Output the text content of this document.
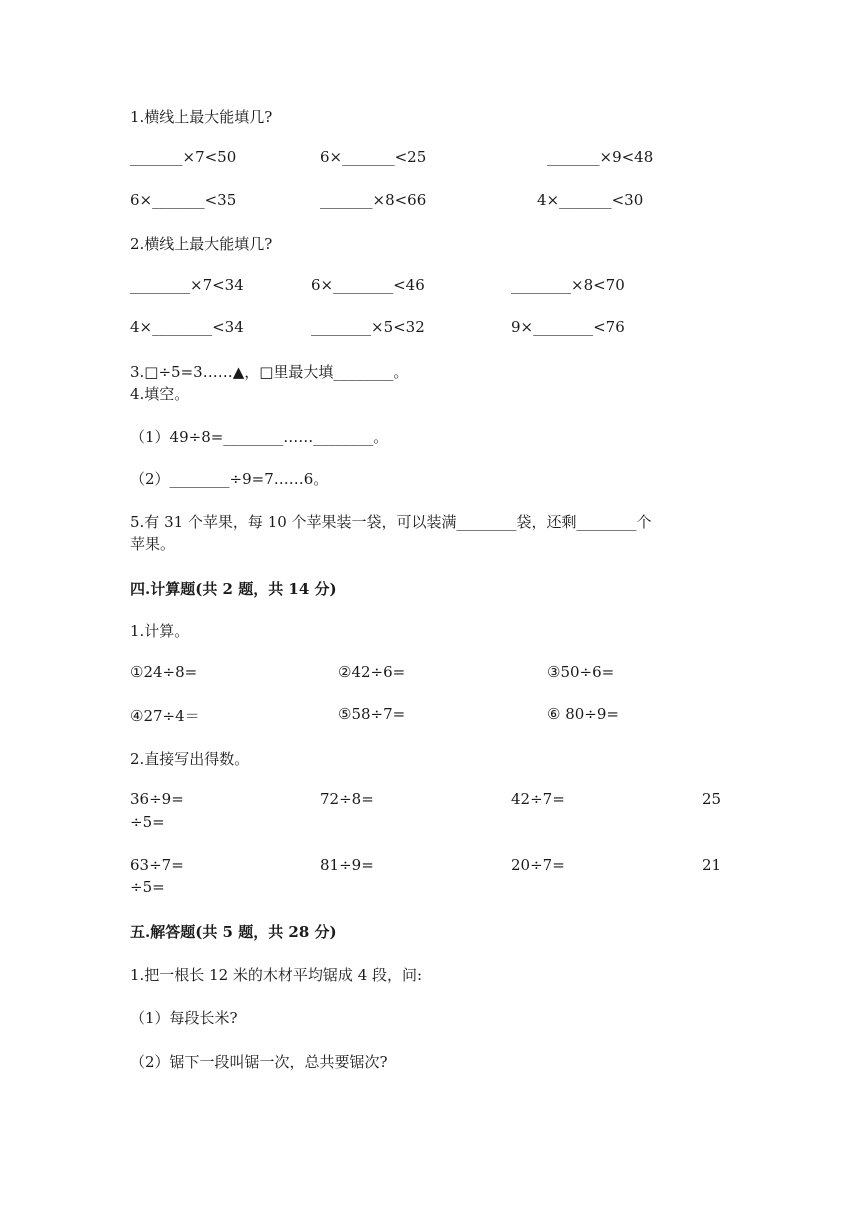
1.横线上最大能填几?
_______×7<50	6×_______<25	_______×9<48
6×_______<35	_______×8<66	4×_______<30
2.横线上最大能填几?
________×7<34	6×________<46	________×8<70
4×________<34	________×5<32	9×________<76
3.□÷5=3……▲，□里最大填________。
4.填空。
（1）49÷8=________……________。
（2）________÷9=7……6。
5.有 31 个苹果，每 10 个苹果装一袋，可以装满________袋，还剩________个
苹果。
四.计算题(共 2 题，共 14 分)
1.计算。
①24÷8=	②42÷6=	③50÷6=
④27÷4＝	⑤58÷7=	⑥ 80÷9=
2.直接写出得数。
36÷9=	72÷8=	42÷7=	25
÷5=
63÷7=	81÷9=	20÷7=	21
÷5=
五.解答题(共 5 题，共 28 分)
1.把一根长 12 米的木材平均锯成 4 段，问:
（1）每段长米?
（2）锯下一段叫锯一次，总共要锯次?
